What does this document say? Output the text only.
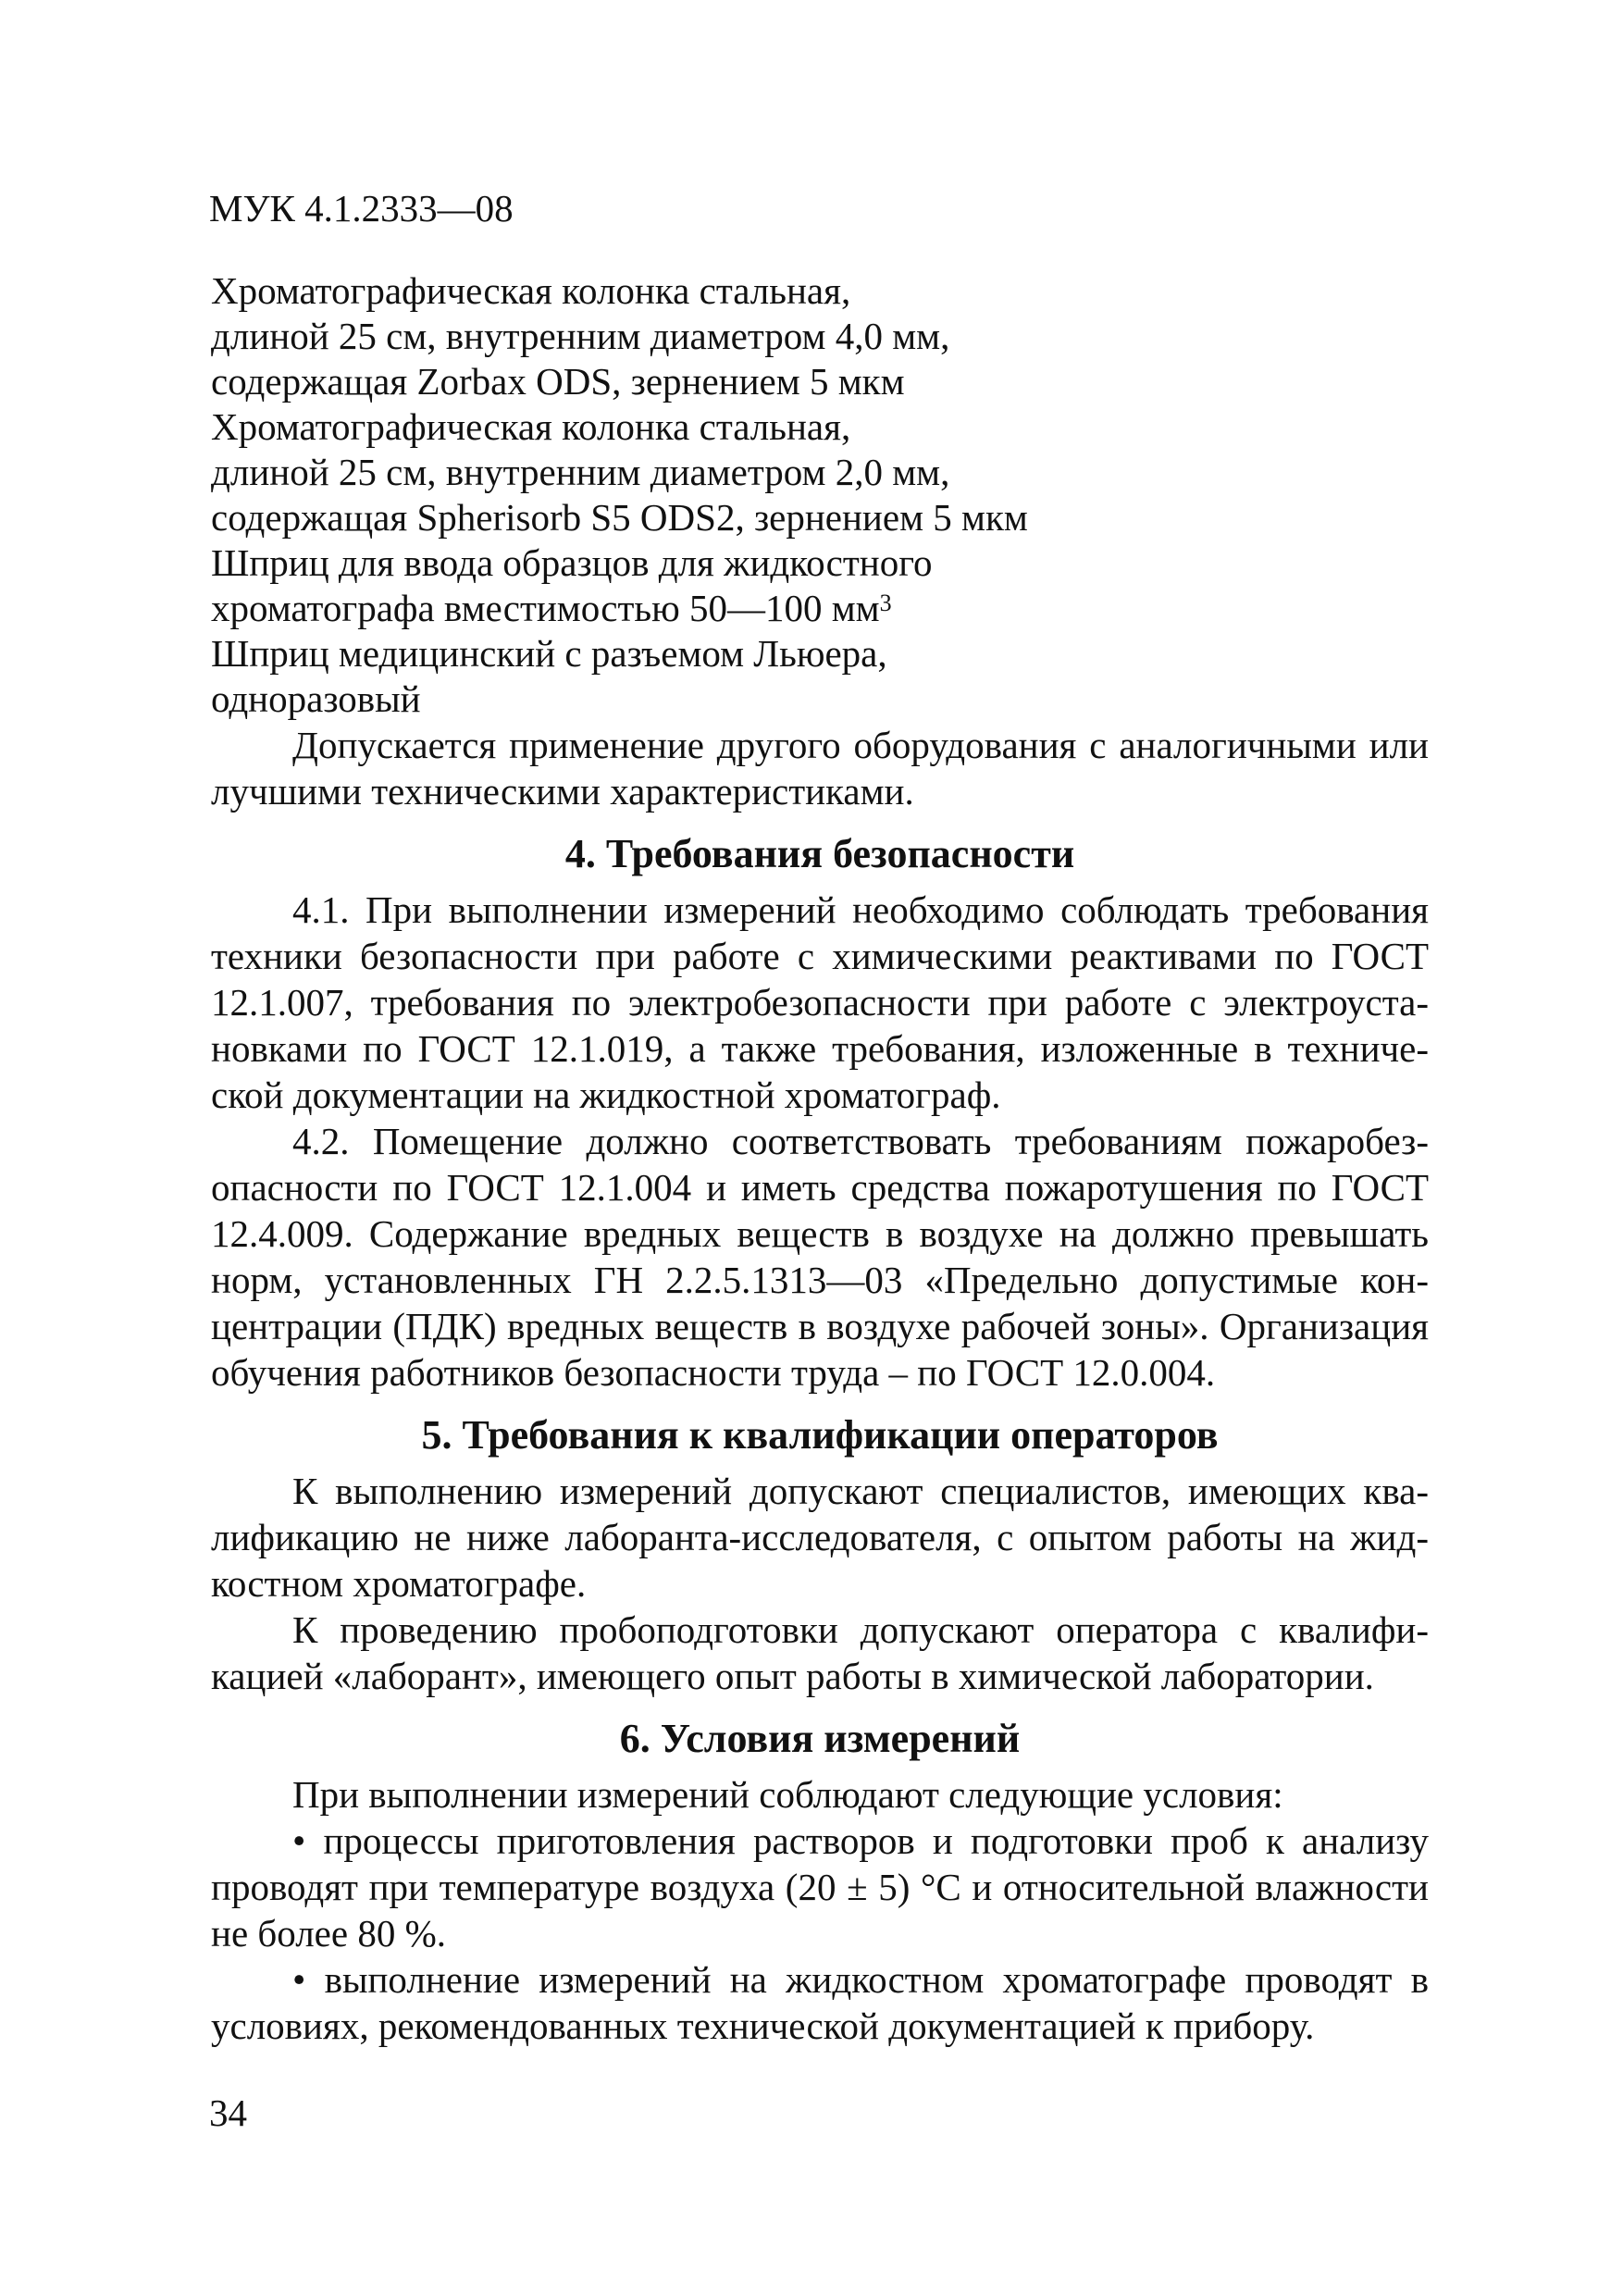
МУК 4.1.2333—08
Хроматографическая колонка стальная,
длиной 25 см, внутренним диаметром 4,0 мм,
содержащая Zorbax ODS, зернением 5 мкм
Хроматографическая колонка стальная,
длиной 25 см, внутренним диаметром 2,0 мм,
содержащая Spherisorb S5 ODS2, зернением 5 мкм
Шприц для ввода образцов для жидкостного
хроматографа вместимостью 50—100 $мм^3$
Шприц медицинский с разъемом Льюера,
одноразовый

Допускается применение другого оборудования с аналогичными или лучшими техническими характеристиками.

4. Требования безопасности

4.1. При выполнении измерений необходимо соблюдать требования техники безопасности при работе с химическими реактивами по ГОСТ 12.1.007, требования по электробезопасности при работе с электроустановками по ГОСТ 12.1.019, а также требования, изложенные в технической документации на жидкостной хроматограф.

4.2. Помещение должно соответствовать требованиям пожаробезопасности по ГОСТ 12.1.004 и иметь средства пожаротушения по ГОСТ 12.4.009. Содержание вредных веществ в воздухе на должно превышать норм, установленных ГН 2.2.5.1313—03 «Предельно допустимые концентрации (ПДК) вредных веществ в воздухе рабочей зоны». Организация обучения работников безопасности труда – по ГОСТ 12.0.004.

5. Требования к квалификации операторов

К выполнению измерений допускают специалистов, имеющих квалификацию не ниже лаборанта-исследователя, с опытом работы на жидкостном хроматографе.

К проведению пробоподготовки допускают оператора с квалификацией «лаборант», имеющего опыт работы в химической лаборатории.

6. Условия измерений

При выполнении измерений соблюдают следующие условия:

• процессы приготовления растворов и подготовки проб к анализу проводят при температуре воздуха (20 ± 5) °С и относительной влажности не более 80 %.

• выполнение измерений на жидкостном хроматографе проводят в условиях, рекомендованных технической документацией к прибору.

34
